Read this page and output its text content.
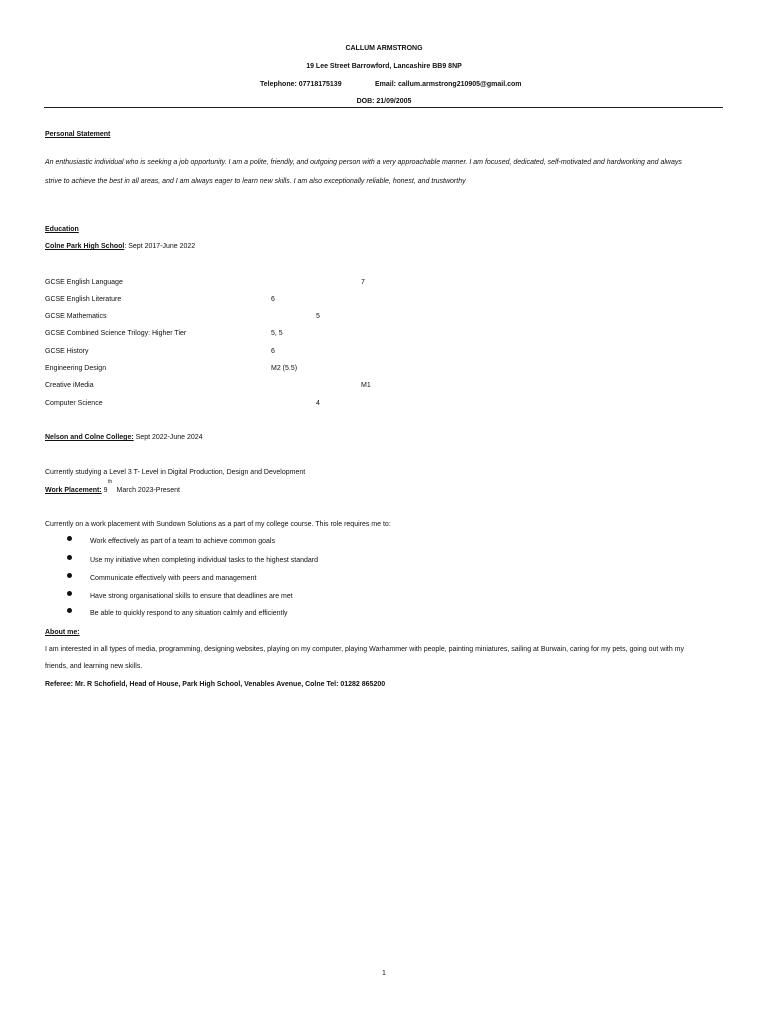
CALLUM ARMSTRONG
19 Lee Street Barrowford, Lancashire BB9 8NP
Telephone: 07718175139	Email: callum.armstrong210905@gmail.com
DOB: 21/09/2005
Personal Statement
An enthusiastic individual who is seeking a job opportunity. I am a polite, friendly, and outgoing person with a very approachable manner. I am focused, dedicated, self-motivated and hardworking and always
strive to achieve the best in all areas, and I am always eager to learn new skills. I am also exceptionally reliable, honest, and trustworthy
Education
Colne Park High School: Sept 2017-June 2022
GCSE English Language	7
GCSE English Literature	6
GCSE Mathematics	5
GCSE Combined Science Trilogy: Higher Tier	5, 5
GCSE History	6
Engineering Design	M2 (5.5)
Creative iMedia	M1
Computer Science	4
Nelson and Colne College: Sept 2022-June 2024
Currently studying a Level 3 T- Level in Digital Production, Design and Development
Work Placement: 9 March 2023-Present
th
Currently on a work placement with Sundown Solutions as a part of my college course. This role requires me to:
Work effectively as part of a team to achieve common goals
Use my initiative when completing individual tasks to the highest standard
Communicate effectively with peers and management
Have strong organisational skills to ensure that deadlines are met
Be able to quickly respond to any situation calmly and efficiently
About me:
I am interested in all types of media, programming, designing websites, playing on my computer, playing Warhammer with people, painting miniatures, sailing at Burwain, caring for my pets, going out with my
friends, and learning new skills.
Referee: Mr. R Schofield, Head of House, Park High School, Venables Avenue, Colne Tel: 01282 865200
1
